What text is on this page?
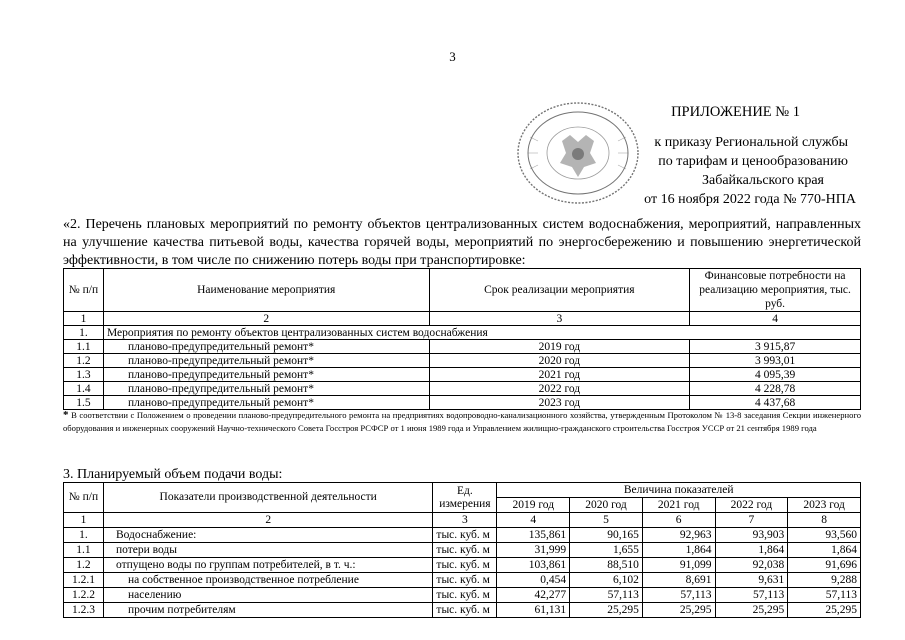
3
ПРИЛОЖЕНИЕ № 1
к приказу Региональной службы
по тарифам и ценообразованию
Забайкальского края
от 16 ноября 2022 года № 770-НПА
«2. Перечень плановых мероприятий по ремонту объектов централизованных систем водоснабжения, мероприятий, направленных на улучшение качества питьевой воды, качества горячей воды, мероприятий по энергосбережению и повышению энергетической эффективности, в том числе по снижению потерь воды при транспортировке:
№ п/п	Наименование мероприятия	Срок реализации мероприятия	Финансовые потребности на реализацию мероприятия, тыс. руб.
1	2	3	4
1.	Мероприятия по ремонту объектов централизованных систем водоснабжения		
1.1	планово-предупредительный ремонт*	2019 год	3 915,87
1.2	планово-предупредительный ремонт*	2020 год	3 993,01
1.3	планово-предупредительный ремонт*	2021 год	4 095,39
1.4	планово-предупредительный ремонт*	2022 год	4 228,78
1.5	планово-предупредительный ремонт*	2023 год	4 437,68
* В соответствии с Положением о проведении планово-предупредительного ремонта на предприятиях водопроводно-канализационного хозяйства, утвержденным Протоколом № 13-8 заседания Секции инженерного оборудования и инженерных сооружений Научно-технического Совета Госстроя РСФСР от 1 июня 1989 года и Управлением жилищно-гражданского строительства Госстроя УССР от 21 сентября 1989 года
3. Планируемый объем подачи воды:
№ п/п	Показатели производственной деятельности	Ед. измерения	Величина показателей				
			2019 год	2020 год	2021 год	2022 год	2023 год
1	2	3	4	5	6	7	8
1.	Водоснабжение:	тыс. куб. м	135,861	90,165	92,963	93,903	93,560
1.1	потери воды	тыс. куб. м	31,999	1,655	1,864	1,864	1,864
1.2	отпущено воды по группам потребителей, в т. ч.:	тыс. куб. м	103,861	88,510	91,099	92,038	91,696
1.2.1	на собственное производственное потребление	тыс. куб. м	0,454	6,102	8,691	9,631	9,288
1.2.2	населению	тыс. куб. м	42,277	57,113	57,113	57,113	57,113
1.2.3	прочим потребителям	тыс. куб. м	61,131	25,295	25,295	25,295	25,295
